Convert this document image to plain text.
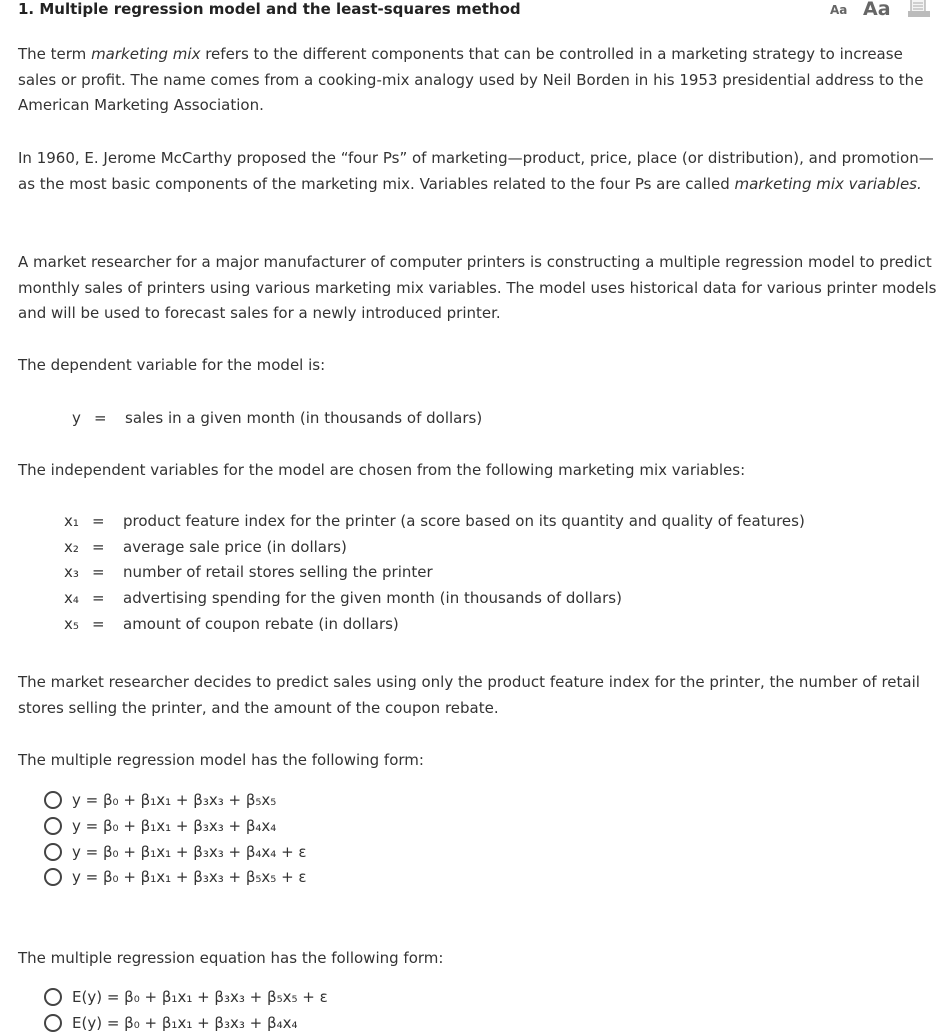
1. Multiple regression model and the least-squares method	Aa Aa

The term marketing mix refers to the different components that can be controlled in a marketing strategy to increase sales or profit. The name comes from a cooking-mix analogy used by Neil Borden in his 1953 presidential address to the American Marketing Association.

In 1960, E. Jerome McCarthy proposed the “four Ps” of marketing—product, price, place (or distribution), and promotion—as the most basic components of the marketing mix. Variables related to the four Ps are called marketing mix variables.

A market researcher for a major manufacturer of computer printers is constructing a multiple regression model to predict monthly sales of printers using various marketing mix variables. The model uses historical data for various printer models and will be used to forecast sales for a newly introduced printer.

The dependent variable for the model is:

y = sales in a given month (in thousands of dollars)

The independent variables for the model are chosen from the following marketing mix variables:

x₁ = product feature index for the printer (a score based on its quantity and quality of features)
x₂ = average sale price (in dollars)
x₃ = number of retail stores selling the printer
x₄ = advertising spending for the given month (in thousands of dollars)
x₅ = amount of coupon rebate (in dollars)

The market researcher decides to predict sales using only the product feature index for the printer, the number of retail stores selling the printer, and the amount of the coupon rebate.

The multiple regression model has the following form:

y = β₀ + β₁x₁ + β₃x₃ + β₅x₅
y = β₀ + β₁x₁ + β₃x₃ + β₄x₄
y = β₀ + β₁x₁ + β₃x₃ + β₄x₄ + ε
y = β₀ + β₁x₁ + β₃x₃ + β₅x₅ + ε

The multiple regression equation has the following form:

E(y) = β₀ + β₁x₁ + β₃x₃ + β₅x₅ + ε
E(y) = β₀ + β₁x₁ + β₃x₃ + β₄x₄
